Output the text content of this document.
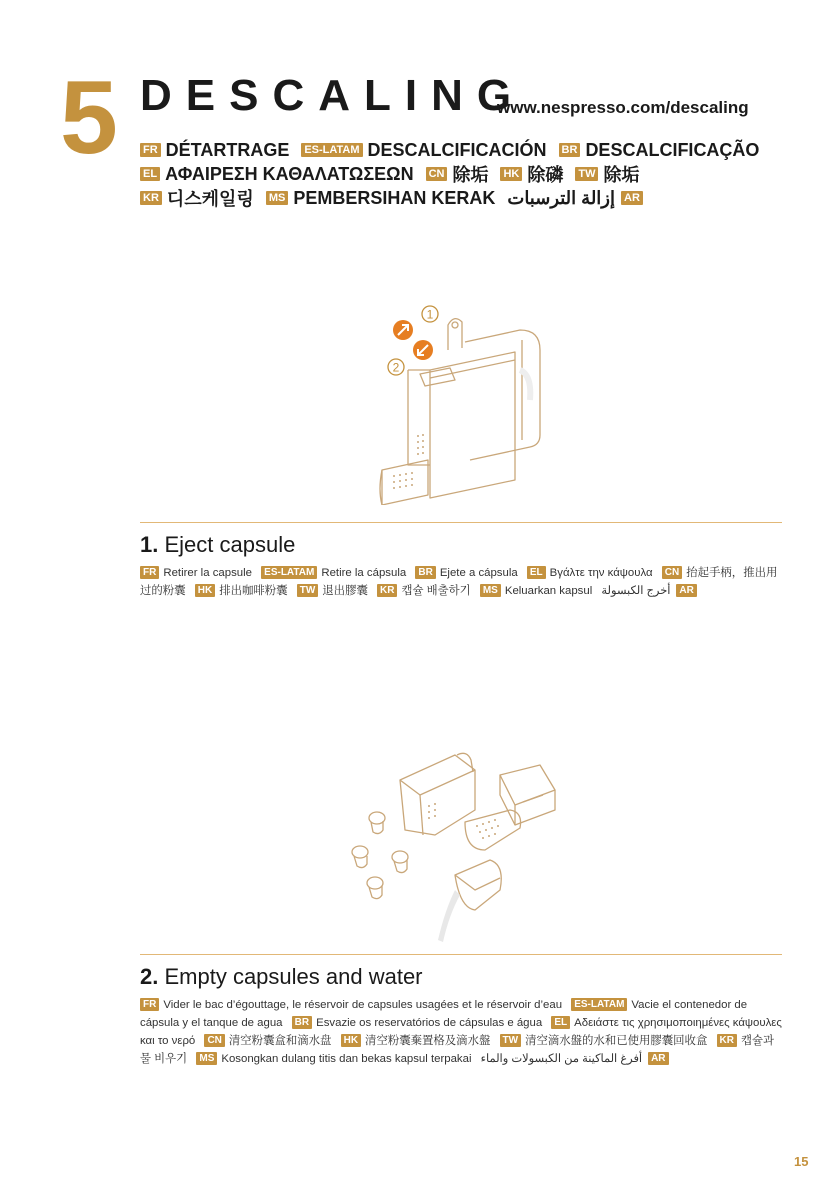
5 DESCALING
www.nespresso.com/descaling
FR DÉTARTRAGE ES-LATAM DESCALCIFICACIÓN BR DESCALCIFICAÇÃO
EL ΑΦΑΙΡΕΣΗ ΚΑΘΑΛΑΤΩΣΕΩΝ CN 除垢 HK 除磷 TW 除垢
KR 디스케일링 MS PEMBERSIHAN KERAK إزالة الترسبات AR
1
2
1. Eject capsule
FR Retirer la capsule ES-LATAM Retire la cápsula BR Ejete a cápsula EL Βγάλτε την κάψουλα CN 抬起手柄，推出用过的粉囊 HK 排出咖啡粉囊 TW 退出膠囊 KR 캡슐 배출하기 MS Keluarkan kapsul أخرج الكبسولة AR
2. Empty capsules and water
FR Vider le bac d’égouttage, le réservoir de capsules usagées et le réservoir d’eau ES-LATAM Vacie el contenedor de cápsula y el tanque de agua BR Esvazie os reservatórios de cápsulas e água EL Αδειάστε τις χρησιμοποιημένες κάψουλες και το νερό CN 清空粉囊盒和滴水盘 HK 清空粉囊棄置格及滴水盤 TW 清空滴水盤的水和已使用膠囊回收盒 KR 캡슐과 물 비우기 MS Kosongkan dulang titis dan bekas kapsul terpakai أفرغ الماكينة من الكبسولات والماء AR
15
